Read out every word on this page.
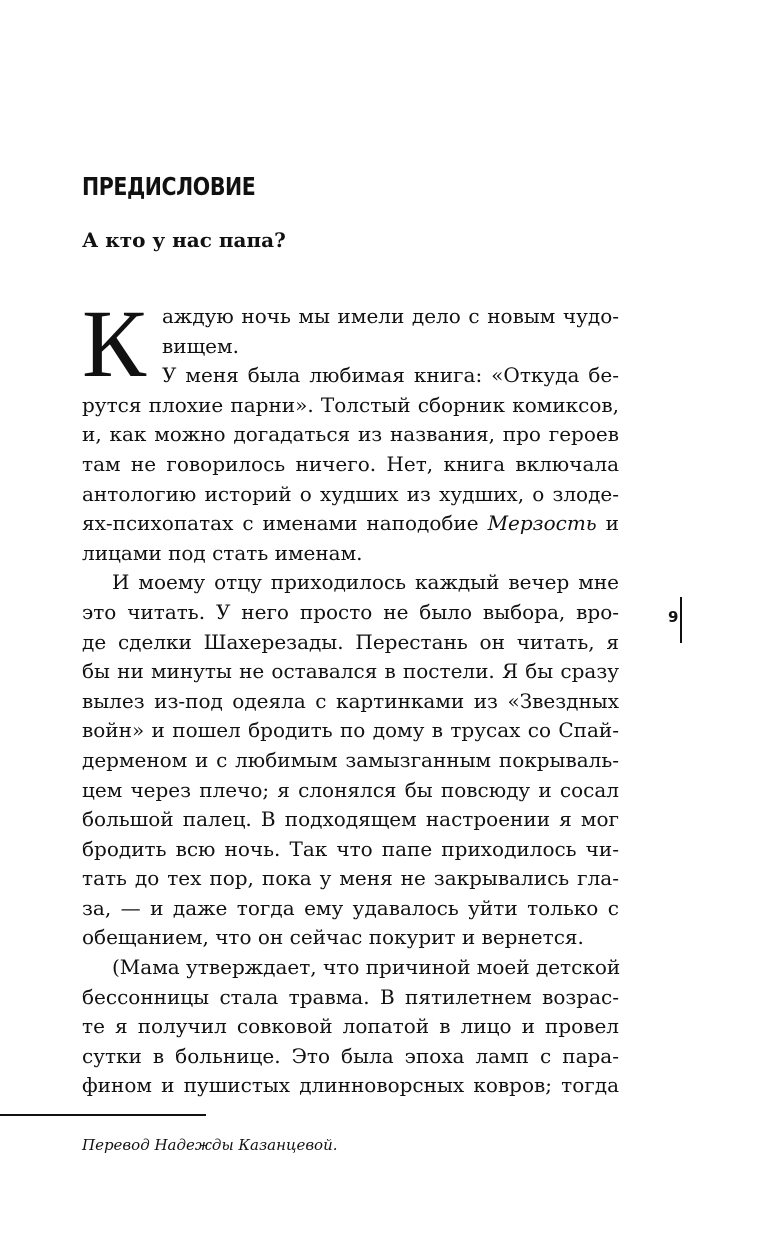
ПРЕДИСЛОВИЕ
А кто у нас папа?
К аждую ночь мы имели дело с новым чудо-
вищем.
У меня была любимая книга: «Откуда бе-
рутся плохие парни». Толстый сборник комиксов,
и, как можно догадаться из названия, про героев
там не говорилось ничего. Нет, книга включала
антологию историй о худших из худших, о злоде-
ях-психопатах с именами наподобие Мерзость и
лицами под стать именам.
И моему отцу приходилось каждый вечер мне
это читать. У него просто не было выбора, вро-
де сделки Шахерезады. Перестань он читать, я
бы ни минуты не оставался в постели. Я бы сразу
вылез из-под одеяла с картинками из «Звездных
войн» и пошел бродить по дому в трусах со Спай-
дерменом и с любимым замызганным покрываль-
цем через плечо; я слонялся бы повсюду и сосал
большой палец. В подходящем настроении я мог
бродить всю ночь. Так что папе приходилось чи-
тать до тех пор, пока у меня не закрывались гла-
за, — и даже тогда ему удавалось уйти только с
обещанием, что он сейчас покурит и вернется.
(Мама утверждает, что причиной моей детской
бессонницы стала травма. В пятилетнем возрас-
те я получил совковой лопатой в лицо и провел
сутки в больнице. Это была эпоха ламп с пара-
фином и пушистых длинноворсных ковров; тогда
9

Перевод Надежды Казанцевой.
